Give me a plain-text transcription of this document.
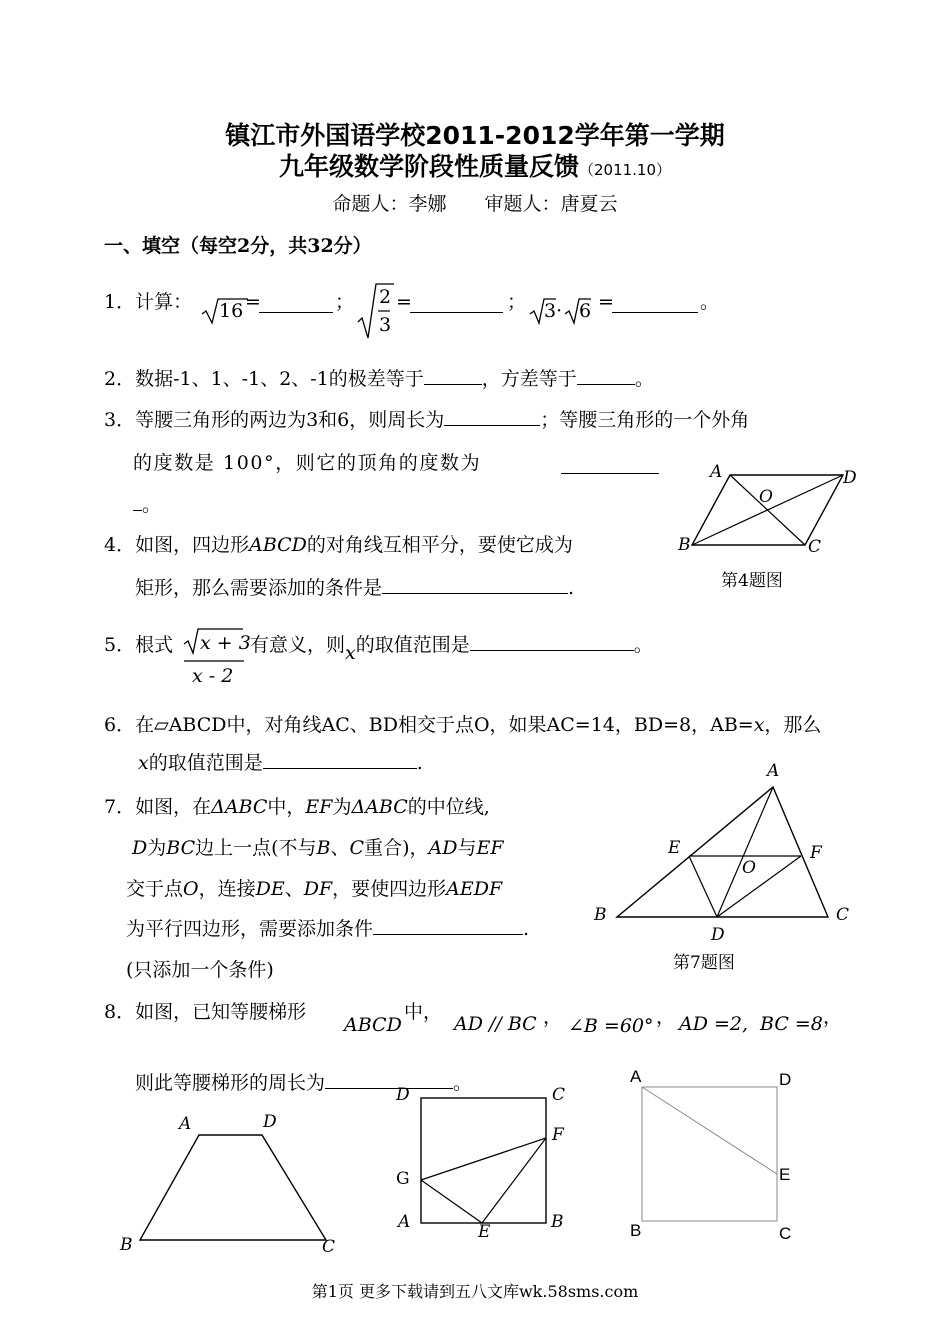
镇江市外国语学校2011-2012学年第一学期
九年级数学阶段性质量反馈（2011.10）
命题人：李娜　　审题人：唐夏云
一、填空（每空2分，共32分）
1．计算： 16 =	； 2
3
=	； 3 · 6 =	。
2．数据-1、1、-1、2、-1的极差等于	，方差等于	。
3．等腰三角形的两边为3和6，则周长为	；等腰三角形的一个外角
的度数是 100°，则它的顶角的度数为
。
A	D
O
B	C
第4题图
4．如图，四边形ABCD的对角线互相平分，要使它成为
矩形，那么需要添加的条件是	.
5．根式 x + 3
x - 2
有意义，则x的取值范围是	。
6．在▱ABCD中，对角线AC、BD相交于点O，如果AC=14，BD=8，AB=x，那么
x的取值范围是	.	A
E	F
O
B
D
C
第7题图
7．如图，在ΔABC中，EF为ΔABC的中位线,
D为BC边上一点(不与B、C重合)，AD与EF
交于点O，连接DE、DF，要使四边形AEDF
为平行四边形，需要添加条件	.
(只添加一个条件)
8．如图，已知等腰梯形
ABCD
中，
AD // BC ， ∠B =60° ， AD =2, BC =8 ，
则此等腰梯形的周长为	。
A	D
B	C
D	C
F
G
A	E	B
A	D
E
B	C
第1页 更多下载请到五八文库wk.58sms.com
